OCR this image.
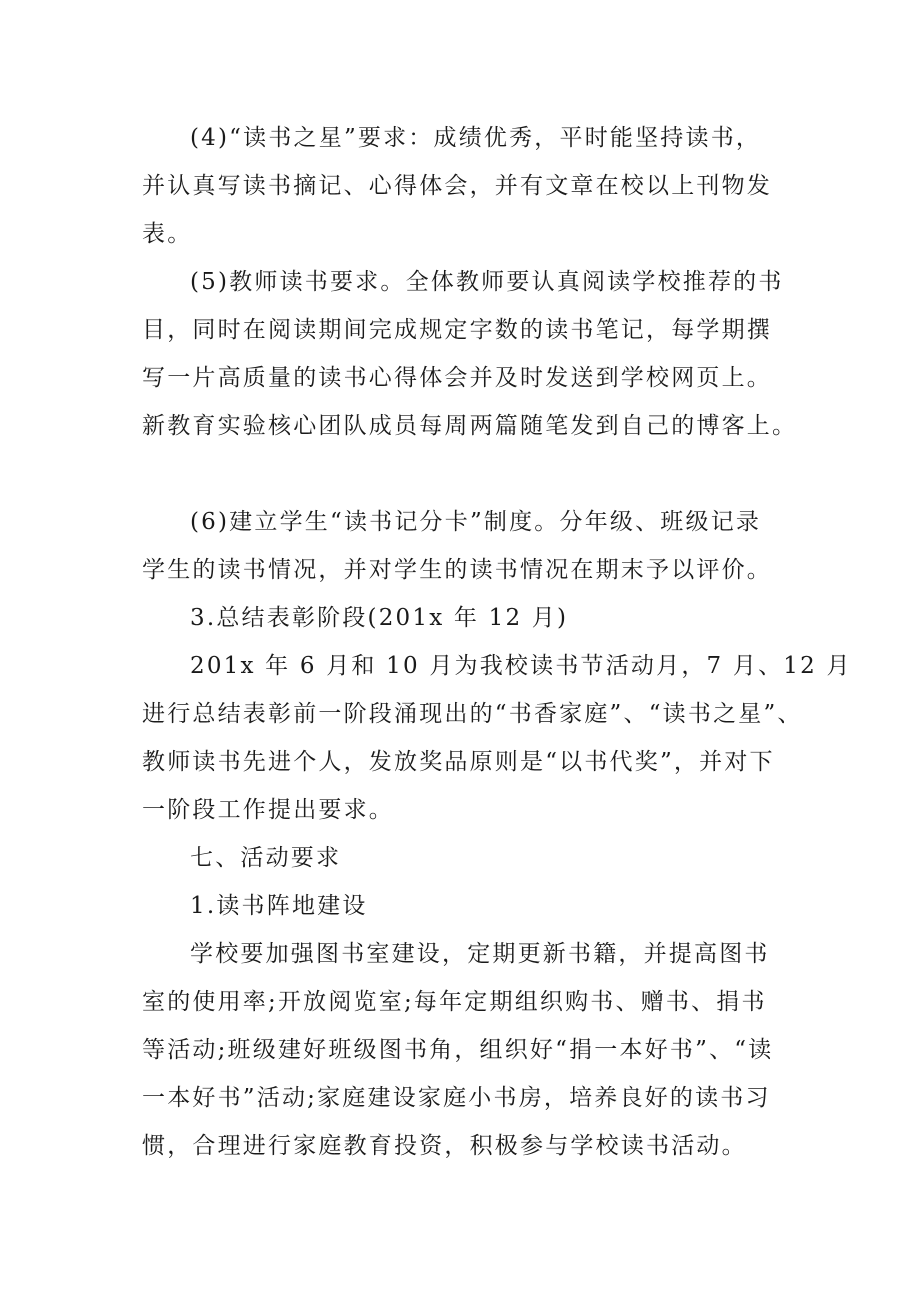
(4)“读书之星”要求：成绩优秀，平时能坚持读书，
并认真写读书摘记、心得体会，并有文章在校以上刊物发
表。
(5)教师读书要求。全体教师要认真阅读学校推荐的书
目，同时在阅读期间完成规定字数的读书笔记，每学期撰
写一片高质量的读书心得体会并及时发送到学校网页上。
新教育实验核心团队成员每周两篇随笔发到自己的博客上。
(6)建立学生“读书记分卡”制度。分年级、班级记录
学生的读书情况，并对学生的读书情况在期末予以评价。
3.总结表彰阶段(201x 年 12 月)
201x 年 6 月和 10 月为我校读书节活动月，7 月、12 月
进行总结表彰前一阶段涌现出的“书香家庭”、“读书之星”、
教师读书先进个人，发放奖品原则是“以书代奖”，并对下
一阶段工作提出要求。
七、活动要求
1.读书阵地建设
学校要加强图书室建设，定期更新书籍，并提高图书
室的使用率;开放阅览室;每年定期组织购书、赠书、捐书
等活动;班级建好班级图书角，组织好“捐一本好书”、“读
一本好书”活动;家庭建设家庭小书房，培养良好的读书习
惯，合理进行家庭教育投资，积极参与学校读书活动。
